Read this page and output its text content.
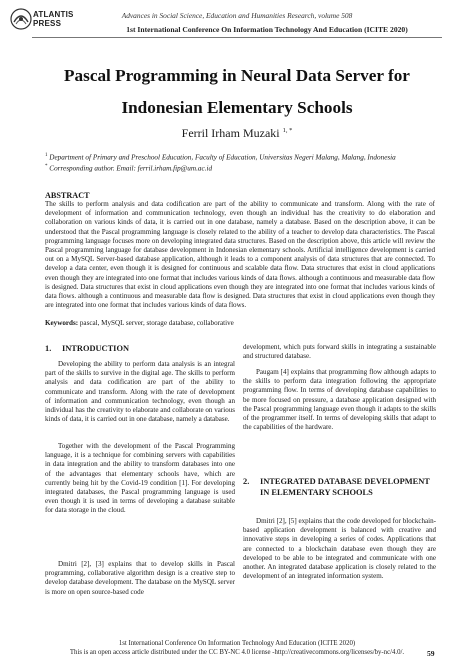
ATLANTIS
PRESS
Advances in Social Science, Education and Humanities Research, volume 508
1st International Conference On Information Technology And Education (ICITE 2020)
Pascal Programming in Neural Data Server for
Indonesian Elementary Schools
Ferril Irham Muzaki $^{1, *}$
$^1$ Department of Primary and Preschool Education, Faculty of Education, Universitas Negeri Malang, Malang, Indonesia
* Corresponding author. Email: ferril.irham.fip@um.ac.id
ABSTRACT
The skills to perform analysis and data codification are part of the ability to communicate and transform. Along with the rate of development of information and communication technology, even though an individual has the creativity to do elaboration and collaboration on various kinds of data, it is carried out in one database, namely a database. Based on the description above, it can be understood that the Pascal programming language is closely related to the ability of a teacher to develop data characteristics. The Pascal programming language focuses more on developing integrated data structures. Based on the description above, this article will review the Pascal programming language for database development in Indonesian elementary schools. Artificial intelligence development is carried out on a MySQL Server-based database application, although it leads to a component analysis of data structures that are connected. To develop a data center, even though it is designed for continuous and scalable data flow. Data structures that exist in cloud applications even though they are integrated into one format that includes various kinds of data flows. although a continuous and measurable data flow is designed. Data structures that exist in cloud applications even though they are integrated into one format that includes various kinds of data flows. although a continuous and measurable data flow is designed. Data structures that exist in cloud applications even though they are integrated into one format that includes various kinds of data flows.
Keywords: pascal, MySQL server, storage database, collaborative
1. INTRODUCTION
Developing the ability to perform data analysis is an integral part of the skills to survive in the digital age. The skills to perform analysis and data codification are part of the ability to communicate and transform. Along with the rate of development of information and communication technology, even though an individual has the creativity to elaborate and collaborate on various kinds of data, it is carried out in one database, namely a database.
Together with the development of the Pascal Programming language, it is a technique for combining servers with capabilities in data integration and the ability to transform databases into one of the advantages that elementary schools have, which are currently being hit by the Covid-19 condition [1]. For developing integrated databases, the Pascal programming language is used even though it is used in terms of developing a database suitable for data storage in the cloud.
Dmitri [2], [3] explains that to develop skills in Pascal programming, collaborative algorithm design is a creative step to develop database development. The database on the MySQL server is more on open source-based code
development, which puts forward skills in integrating a sustainable and structured database.
Paugam [4] explains that programming flow although adapts to the skills to perform data integration following the appropriate programming flow. In terms of developing database capabilities to be more focused on pressure, a database application designed with the Pascal programming language even though it adapts to the skills of the programmer itself. In terms of developing skills that adapt to the capabilities of the hardware.
2.	INTEGRATED DATABASE DEVELOPMENT IN ELEMENTARY SCHOOLS
Dmitri [2], [5] explains that the code developed for blockchain-based application development is balanced with creative and innovative steps in developing a series of codes. Applications that are connected to a blockchain database even though they are developed to be able to be integrated and communicate with one another. An integrated database application is closely related to the development of an integrated information system.
1st International Conference On Information Technology And Education (ICITE 2020)
This is an open access article distributed under the CC BY-NC 4.0 license -http://creativecommons.org/licenses/by-nc/4.0/.	59
